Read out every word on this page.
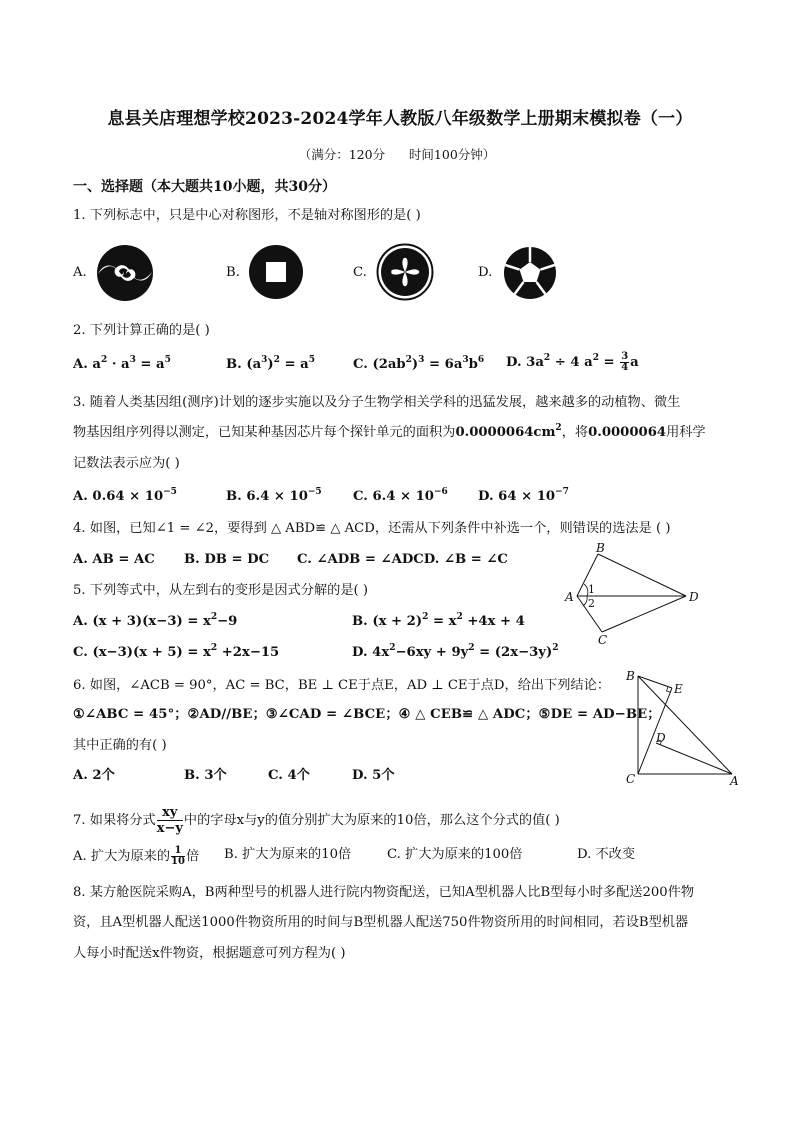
息县关店理想学校2023-2024学年人教版八年级数学上册期末模拟卷（一）
（满分：120分      时间100分钟）
一、选择题（本大题共10小题，共30分）
1. 下列标志中，只是中心对称图形，不是轴对称图形的是( )
A.	B.	C.	D.
2. 下列计算正确的是( )
A. $a^2 \cdot a^3 = a^5$	B. $(a^3)^2 = a^5$	C. $(2ab^2)^3 = 6a^3b^6$ D. $3a^2 \div 4$ $a^2 = \frac{3}{4}$ a
3. 随着人类基因组(测序)计划的逐步实施以及分子生物学相关学科的迅猛发展，越来越多的动植物、微生
物基因组序列得以测定，已知某种基因芯片每个探针单元的面积为$0.0000064cm^2$，将0.0000064用科学
记数法表示应为( )
A. $0.64 \times 10^{-5}$	B. $6.4 \times 10^{-5}$ C. $6.4 \times 10^{-6}$ D. $64 \times 10^{-7}$
4. 如图，已知∠1 = ∠2，要得到 △ ABD≌ △ ACD，还需从下列条件中补选一个，则错误的选法是 ( )
A. AB = AC B. DB = DC C. ∠ADB = ∠ADCD. ∠B = ∠C
1
2
A
B
C
D
5. 下列等式中，从左到右的变形是因式分解的是( )
A. $(x + 3)(x-3) = x^2-9$	B. $(x + 2)^2 = x^2 +4x + 4$
C. $(x-3)(x + 5) = x^2 +2x-15$	D. $4x^2-6xy + 9y^2 = (2x-3y)^2$
6. 如图，∠ACB = 90°，AC = BC，BE ⊥ CE于点E，AD ⊥ CE于点D，给出下列结论：
①∠ABC = 45°；②AD//BE；③∠CAD = ∠BCE；④ △ CEB≌ △ ADC；⑤DE = AD−BE；
其中正确的有( )
A. 2个	B. 3个	C. 4个	D. 5个
B
E
D
C	A
7. 如果将分式 $\frac{xy}{x-y}$ 中的字母x与y的值分别扩大为原来的10倍，那么这个分式的值( )
A. 扩大为原来的 $\frac{1}{10}$ 倍 B. 扩大为原来的10倍	C. 扩大为原来的100倍	D. 不改变
8. 某方舱医院采购A，B两种型号的机器人进行院内物资配送，已知A型机器人比B型每小时多配送200件物
资，且A型机器人配送1000件物资所用的时间与B型机器人配送750件物资所用的时间相同，若设B型机器
人每小时配送x件物资，根据题意可列方程为( )
